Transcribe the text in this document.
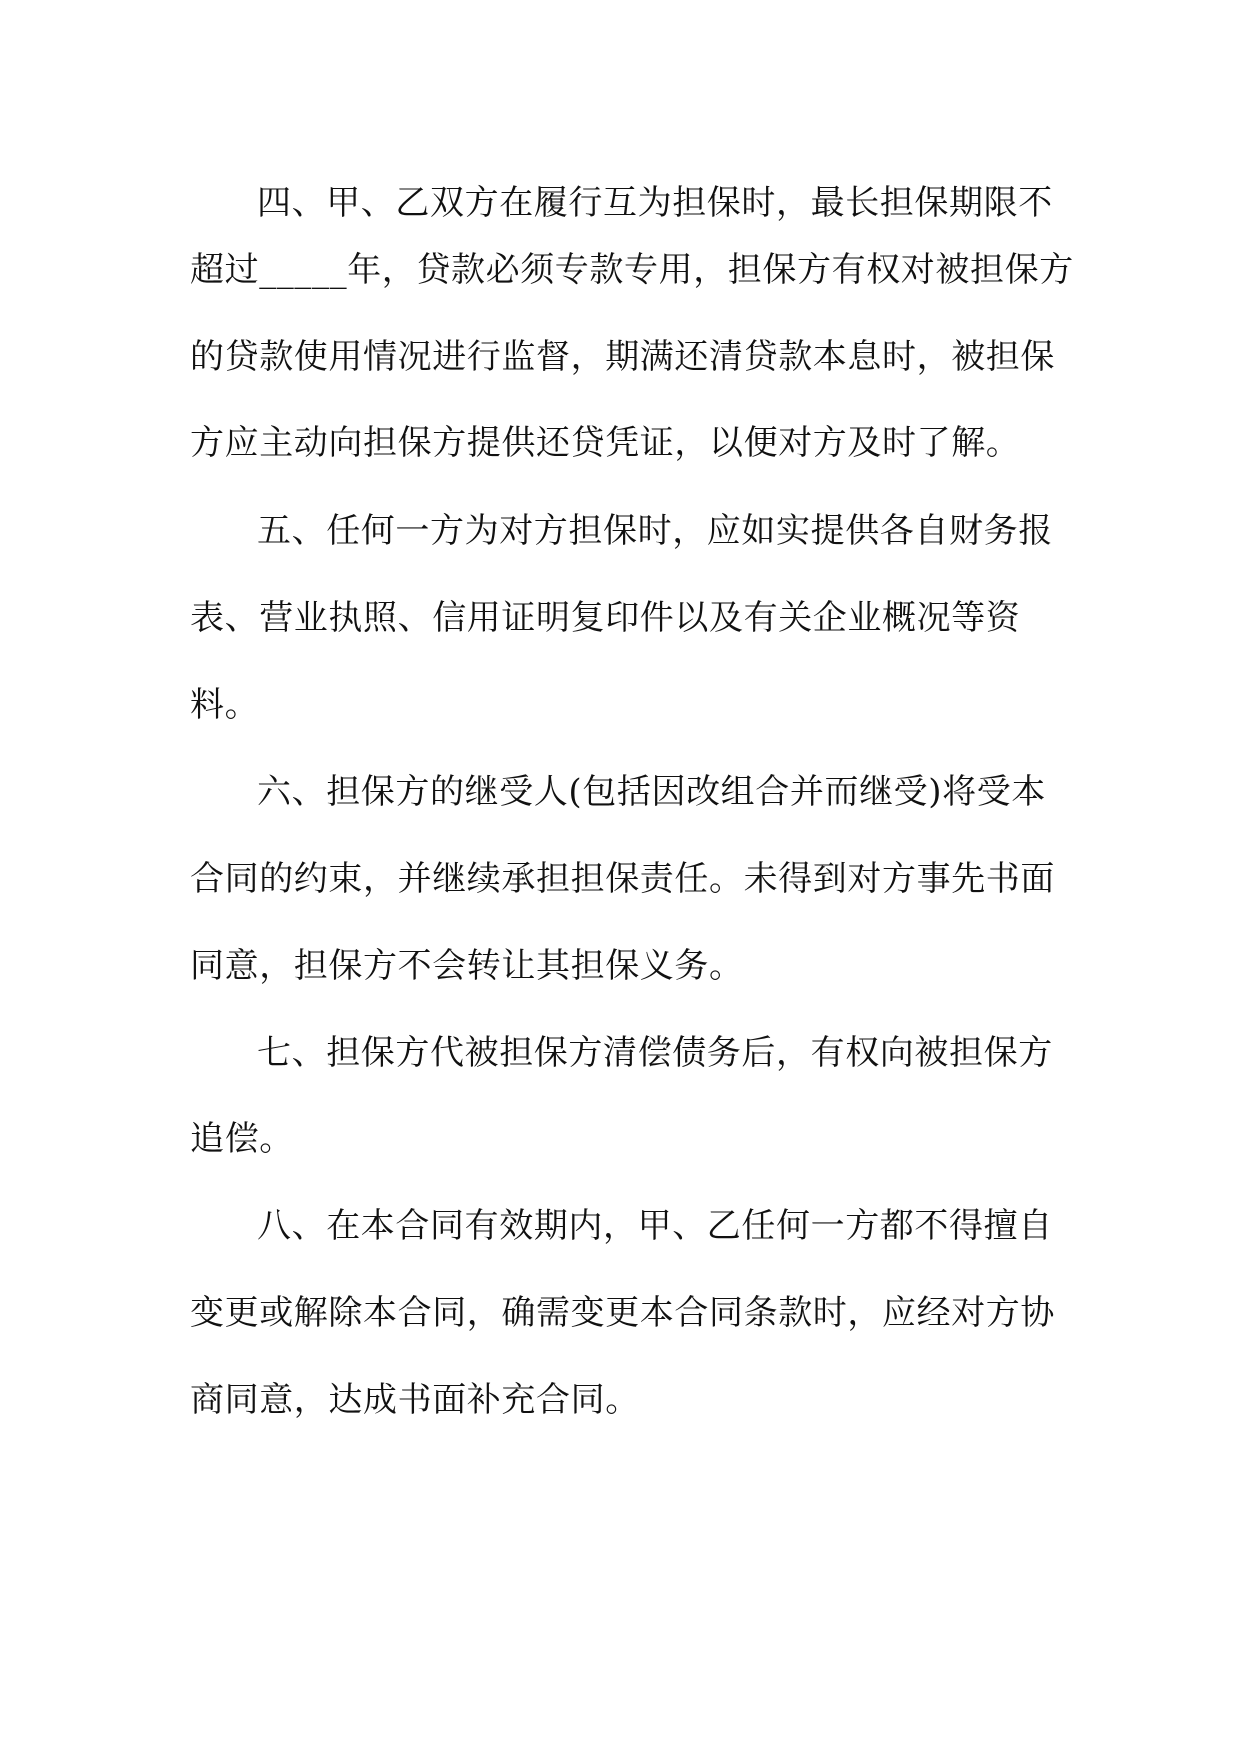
四、甲、乙双方在履行互为担保时，最长担保期限不
超过_____年，贷款必须专款专用，担保方有权对被担保方
的贷款使用情况进行监督，期满还清贷款本息时，被担保
方应主动向担保方提供还贷凭证，以便对方及时了解。
五、任何一方为对方担保时，应如实提供各自财务报
表、营业执照、信用证明复印件以及有关企业概况等资
料。
六、担保方的继受人(包括因改组合并而继受)将受本
合同的约束，并继续承担担保责任。未得到对方事先书面
同意，担保方不会转让其担保义务。
七、担保方代被担保方清偿债务后，有权向被担保方
追偿。
八、在本合同有效期内，甲、乙任何一方都不得擅自
变更或解除本合同，确需变更本合同条款时，应经对方协
商同意，达成书面补充合同。
